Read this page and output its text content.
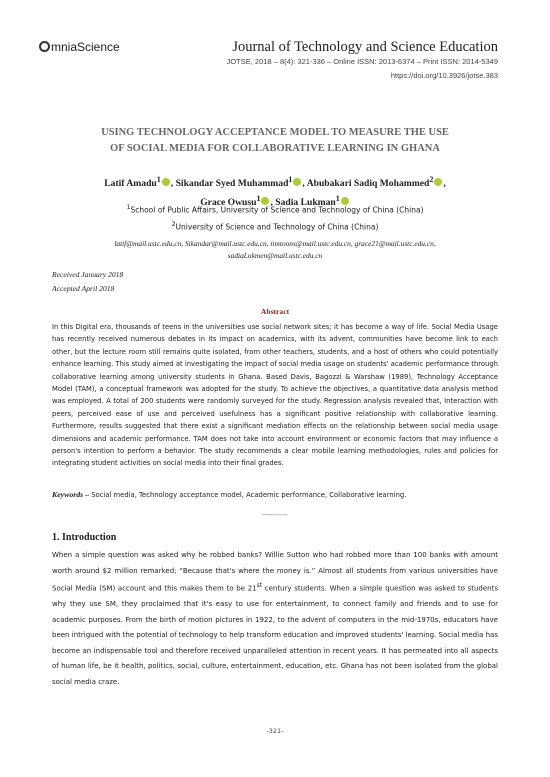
mniaScience	Journal of Technology and Science Education
JOTSE, 2018 – 8(4): 321-336 – Online ISSN: 2013-6374 – Print ISSN: 2014-5349
https://doi.org/10.3926/jotse.383
USING TECHNOLOGY ACCEPTANCE MODEL TO MEASURE THE USE
OF SOCIAL MEDIA FOR COLLABORATIVE LEARNING IN GHANA
Latif Amadu$^1$ , Sikandar Syed Muhammad$^1$ , Abubakari Sadiq Mohammed$^2$ ,
Grace Owusu$^1$ , Sadia Lukman$^1$
$^1$School of Public Affairs, University of Science and Technology of China (China)
$^2$University of Science and Technology of China (China)
latif@mail.ustc.edu.cn, Sikandar@mail.ustc.edu.cn, timtoons@mail.ustc.edu.cn, grace21@mail.ustc.edu.cn,
sadiaLukmen@mail.ustc.edu.cn
Received January 2018
Accepted April 2018
Abstract

In this Digital era, thousands of teens in the universities use social network sites; it has become a way of life. Social Media Usage has recently received numerous debates in its impact on academics, with its advent, communities have become link to each other, but the lecture room still remains quite isolated, from other teachers, students, and a host of others who could potentially enhance learning. This study aimed at investigating the impact of social media usage on students' academic performance through collaborative learning among university students in Ghana. Based Davis, Bagozzi & Warshaw (1989), Technology Acceptance Model (TAM), a conceptual framework was adopted for the study. To achieve the objectives, a quantitative data analysis method was employed. A total of 200 students were randomly surveyed for the study. Regression analysis revealed that, Interaction with peers, perceived ease of use and perceived usefulness has a significant positive relationship with collaborative learning. Furthermore, results suggested that there exist a significant mediation effects on the relationship between social media usage dimensions and academic performance. TAM does not take into account environment or economic factors that may influence a person's intention to perform a behavior. The study recommends a clear mobile learning methodologies, rules and policies for integrating student activities on social media into their final grades.

Keywords – Social media, Technology acceptance model, Academic performance, Collaborative learning.
----------
1. Introduction

When a simple question was asked why he robbed banks? Willie Sutton who had robbed more than 100 banks with amount worth around $2 million remarked; “Because that's where the money is.” Almost all students from various universities have Social Media (SM) account and this makes them to be 21st century students. When a simple question was asked to students why they use SM, they proclaimed that it's easy to use for entertainment, to connect family and friends and to use for academic purposes. From the birth of motion pictures in 1922, to the advent of computers in the mid-1970s, educators have been intrigued with the potential of technology to help transform education and improved students' learning. Social media has become an indispensable tool and therefore received unparalleled attention in recent years. It has permeated into all aspects of human life, be it health, politics, social, culture, entertainment, education, etc. Ghana has not been isolated from the global social media craze.

-321-
